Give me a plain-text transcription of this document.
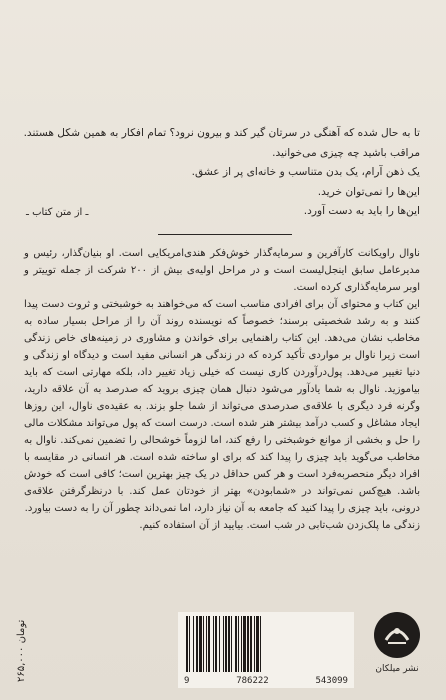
تا به حال شده که آهنگی در سرتان گیر کند و بیرون نرود؟ تمام افکار به همین شکل هستند.

مراقب باشید چه چیزی می‌خوانید.

یک ذهن آرام، یک بدن متناسب و خانه‌ای پر از عشق.

این‌ها را نمی‌توان خرید.

این‌ها را باید به دست آورد.

ـ از متن کتاب ـ

ناوال راویکانت کارآفرین و سرمایه‌گذار خوش‌فکر هندی‌امریکایی است. او بنیان‌گذار، رئیس و مدیرعامل سابق اینجل‌لیست است و در مراحل اولیه‌ی بیش از ۲۰۰ شرکت از جمله توییتر و اوبر سرمایه‌گذاری کرده است.

این کتاب و محتوای آن برای افرادی مناسب است که می‌خواهند به خوشبختی و ثروت دست پیدا کنند و به رشد شخصیتی برسند؛ خصوصاً که نویسنده روند آن را از مراحل بسیار ساده به مخاطب نشان می‌دهد. این کتاب راهنمایی برای خواندن و مشاوری در زمینه‌های خاص زندگی است زیرا ناوال بر مواردی تأکید کرده که در زندگی هر انسانی مفید است و دیدگاه او زندگی و دنیا تغییر می‌دهد. پول‌درآوردن کاری نیست که خیلی زیاد تغییر داد، بلکه مهارتی است که باید بیاموزید. ناوال به شما یادآور می‌شود دنبال همان چیزی بروید که صدرصد به آن علاقه دارید، وگرنه فرد دیگری با علاقه‌ی صدرصدی می‌تواند از شما جلو بزند. به عقیده‌ی ناوال، این روزها ایجاد مشاغل و کسب درآمد بیشتر هنر شده است. درست است که پول می‌تواند مشکلات مالی را حل و بخشی از موانع خوشبختی را رفع کند، اما لزوماً خوشحالی را تضمین نمی‌کند. ناوال به مخاطب می‌گوید باید چیزی را پیدا کند که برای او ساخته شده است. هر انسانی در مقایسه با افراد دیگر منحصربه‌فرد است و هر کس حداقل در یک چیز بهترین است؛ کافی است که خودش باشد. هیچ‌کس نمی‌تواند در «شمابودن» بهتر از خودتان عمل کند. با درنظرگرفتن علاقه‌ی درونی، باید چیزی را پیدا کنید که جامعه به آن نیاز دارد، اما نمی‌داند چطور آن را به دست بیاورد.

زندگی ما پلک‌زدن شب‌تابی در شب است. بیایید از آن استفاده کنیم.

۲۶۵,۰۰۰ تومان
9	786222	543099
نشر میلکان
